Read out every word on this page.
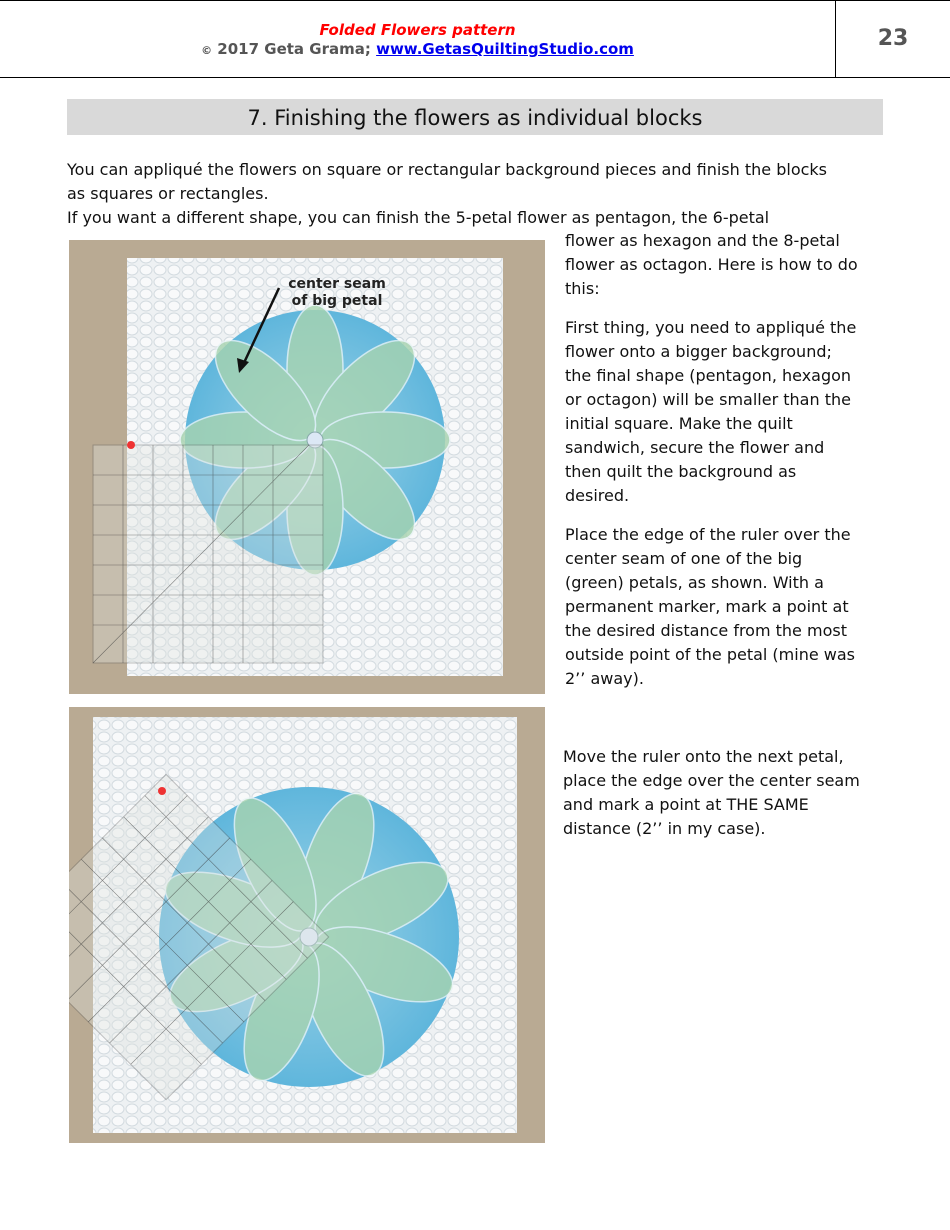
Folded Flowers pattern
© 2017 Geta Grama; www.GetasQuiltingStudio.com	23
7. Finishing the flowers as individual blocks
You can appliqué the flowers on square or rectangular background pieces and finish the blocks
as squares or rectangles.
If you want a different shape, you can finish the 5-petal flower as pentagon, the 6-petal
flower as hexagon and the 8-petal
flower as octagon. Here is how to do
this:
First thing, you need to appliqué the
flower onto a bigger background;
the final shape (pentagon, hexagon
or octagon) will be smaller than the
initial square. Make the quilt
sandwich, secure the flower and
then quilt the background as
desired.
Place the edge of the ruler over the
center seam of one of the big
(green) petals, as shown. With a
permanent marker, mark a point at
the desired distance from the most
outside point of the petal (mine was
2’’ away).
Move the ruler onto the next petal,
place the edge over the center seam
and mark a point at THE SAME
distance (2’’ in my case).
center seam
of big petal
